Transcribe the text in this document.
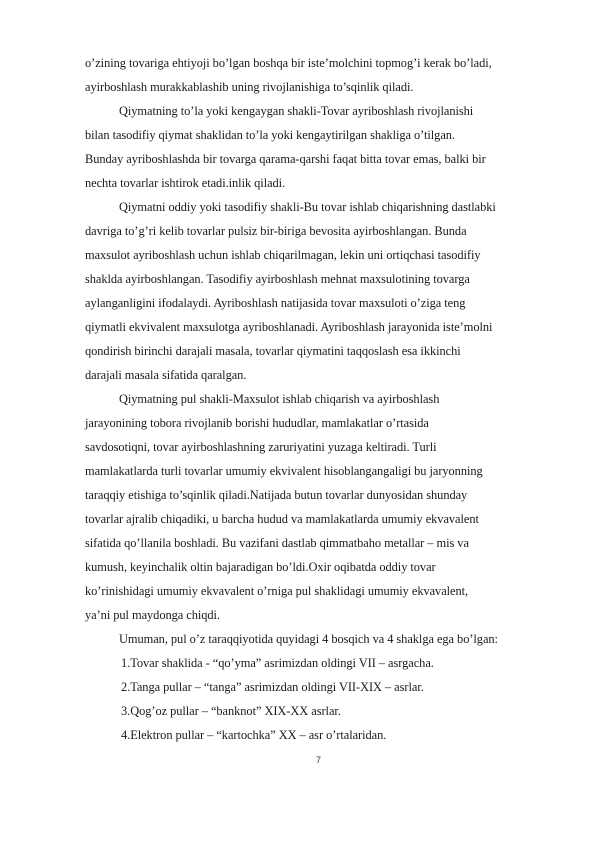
o’zining tovariga ehtiyoji bo’lgan boshqa bir iste’molchini topmog’i kerak bo’ladi,
ayirboshlash murakkablashib uning rivojlanishiga to’sqinlik qiladi.
Qiymatning to’la yoki kengaygan shakli-Tovar ayriboshlash rivojlanishi
bilan tasodifiy qiymat shaklidan to’la yoki kengaytirilgan shakliga o’tilgan.
Bunday ayriboshlashda bir tovarga qarama-qarshi faqat bitta tovar emas, balki bir
nechta tovarlar ishtirok etadi.inlik qiladi.
Qiymatni oddiy yoki tasodifiy shakli-Bu tovar ishlab chiqarishning dastlabki
davriga to’g’ri kelib tovarlar pulsiz bir-biriga bevosita ayirboshlangan. Bunda
maxsulot ayriboshlash uchun ishlab chiqarilmagan, lekin uni ortiqchasi tasodifiy
shaklda ayirboshlangan. Tasodifiy ayirboshlash mehnat maxsulotining tovarga
aylanganligini ifodalaydi. Ayriboshlash natijasida tovar maxsuloti o’ziga teng
qiymatli ekvivalent maxsulotga ayriboshlanadi. Ayriboshlash jarayonida iste’molni
qondirish birinchi darajali masala, tovarlar qiymatini taqqoslash esa ikkinchi
darajali masala sifatida qaralgan.
Qiymatning pul shakli-Maxsulot ishlab chiqarish va ayirboshlash
jarayonining tobora rivojlanib borishi hududlar, mamlakatlar o’rtasida
savdosotiqni, tovar ayirboshlashning zaruriyatini yuzaga keltiradi. Turli
mamlakatlarda turli tovarlar umumiy ekvivalent hisoblangangaligi bu jaryonning
taraqqiy etishiga to’sqinlik qiladi.Natijada butun tovarlar dunyosidan shunday
tovarlar ajralib chiqadiki, u barcha hudud va mamlakatlarda umumiy ekvavalent
sifatida qo’llanila boshladi. Bu vazifani dastlab qimmatbaho metallar – mis va
kumush, keyinchalik oltin bajaradigan bo’ldi.Oxir oqibatda oddiy tovar
ko’rinishidagi umumiy ekvavalent o’rniga pul shaklidagi umumiy ekvavalent,
ya’ni pul maydonga chiqdi.
Umuman, pul o’z taraqqiyotida quyidagi 4 bosqich va 4 shaklga ega bo’lgan:
1.Tovar shaklida - “qo’yma” asrimizdan oldingi VII – asrgacha.
2.Tanga pullar – “tanga” asrimizdan oldingi VII-XIX – asrlar.
3.Qog’oz pullar – “banknot” XIX-XX asrlar.
4.Elektron pullar – “kartochka” XX – asr o’rtalaridan.
7
